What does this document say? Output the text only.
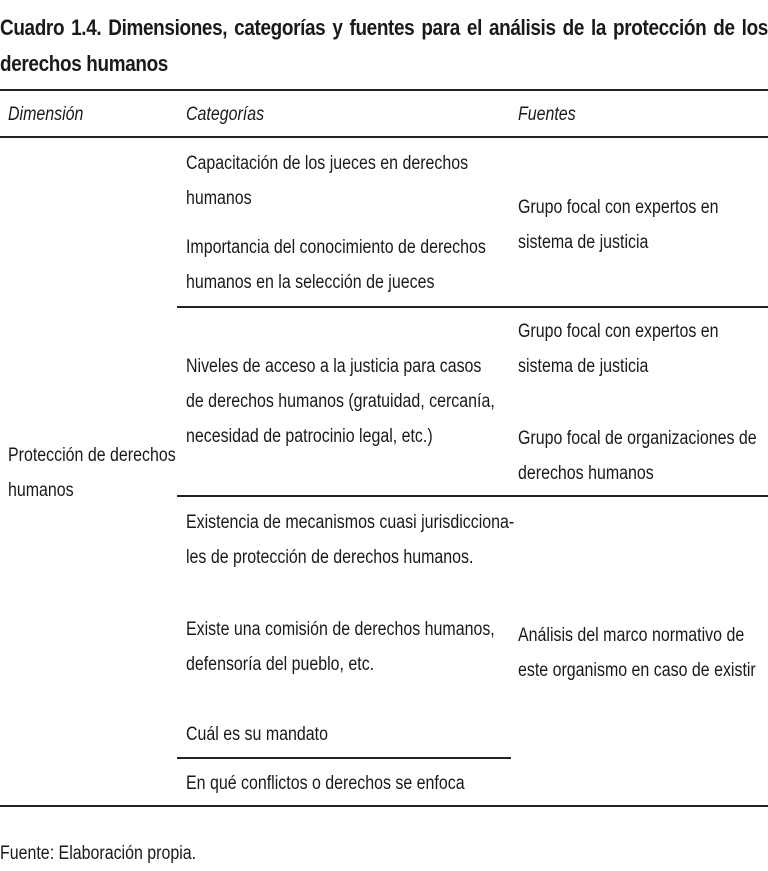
Cuadro 1.4. Dimensiones, categorías y fuentes para el análisis de la protección de los derechos humanos
Dimensión	Categorías	Fuentes
Protección de derechos
humanos
Capacitación de los jueces en derechos
humanos
Importancia del conocimiento de derechos
humanos en la selección de jueces
Grupo focal con expertos en
sistema de justicia
Niveles de acceso a la justicia para casos
de derechos humanos (gratuidad, cercanía,
necesidad de patrocinio legal, etc.)
Grupo focal con expertos en
sistema de justicia
Grupo focal de organizaciones de
derechos humanos
Existencia de mecanismos cuasi jurisdicciona-
les de protección de derechos humanos.
Existe una comisión de derechos humanos,
defensoría del pueblo, etc.
Cuál es su mandato
En qué conflictos o derechos se enfoca
Análisis del marco normativo de
este organismo en caso de existir
Fuente: Elaboración propia.
